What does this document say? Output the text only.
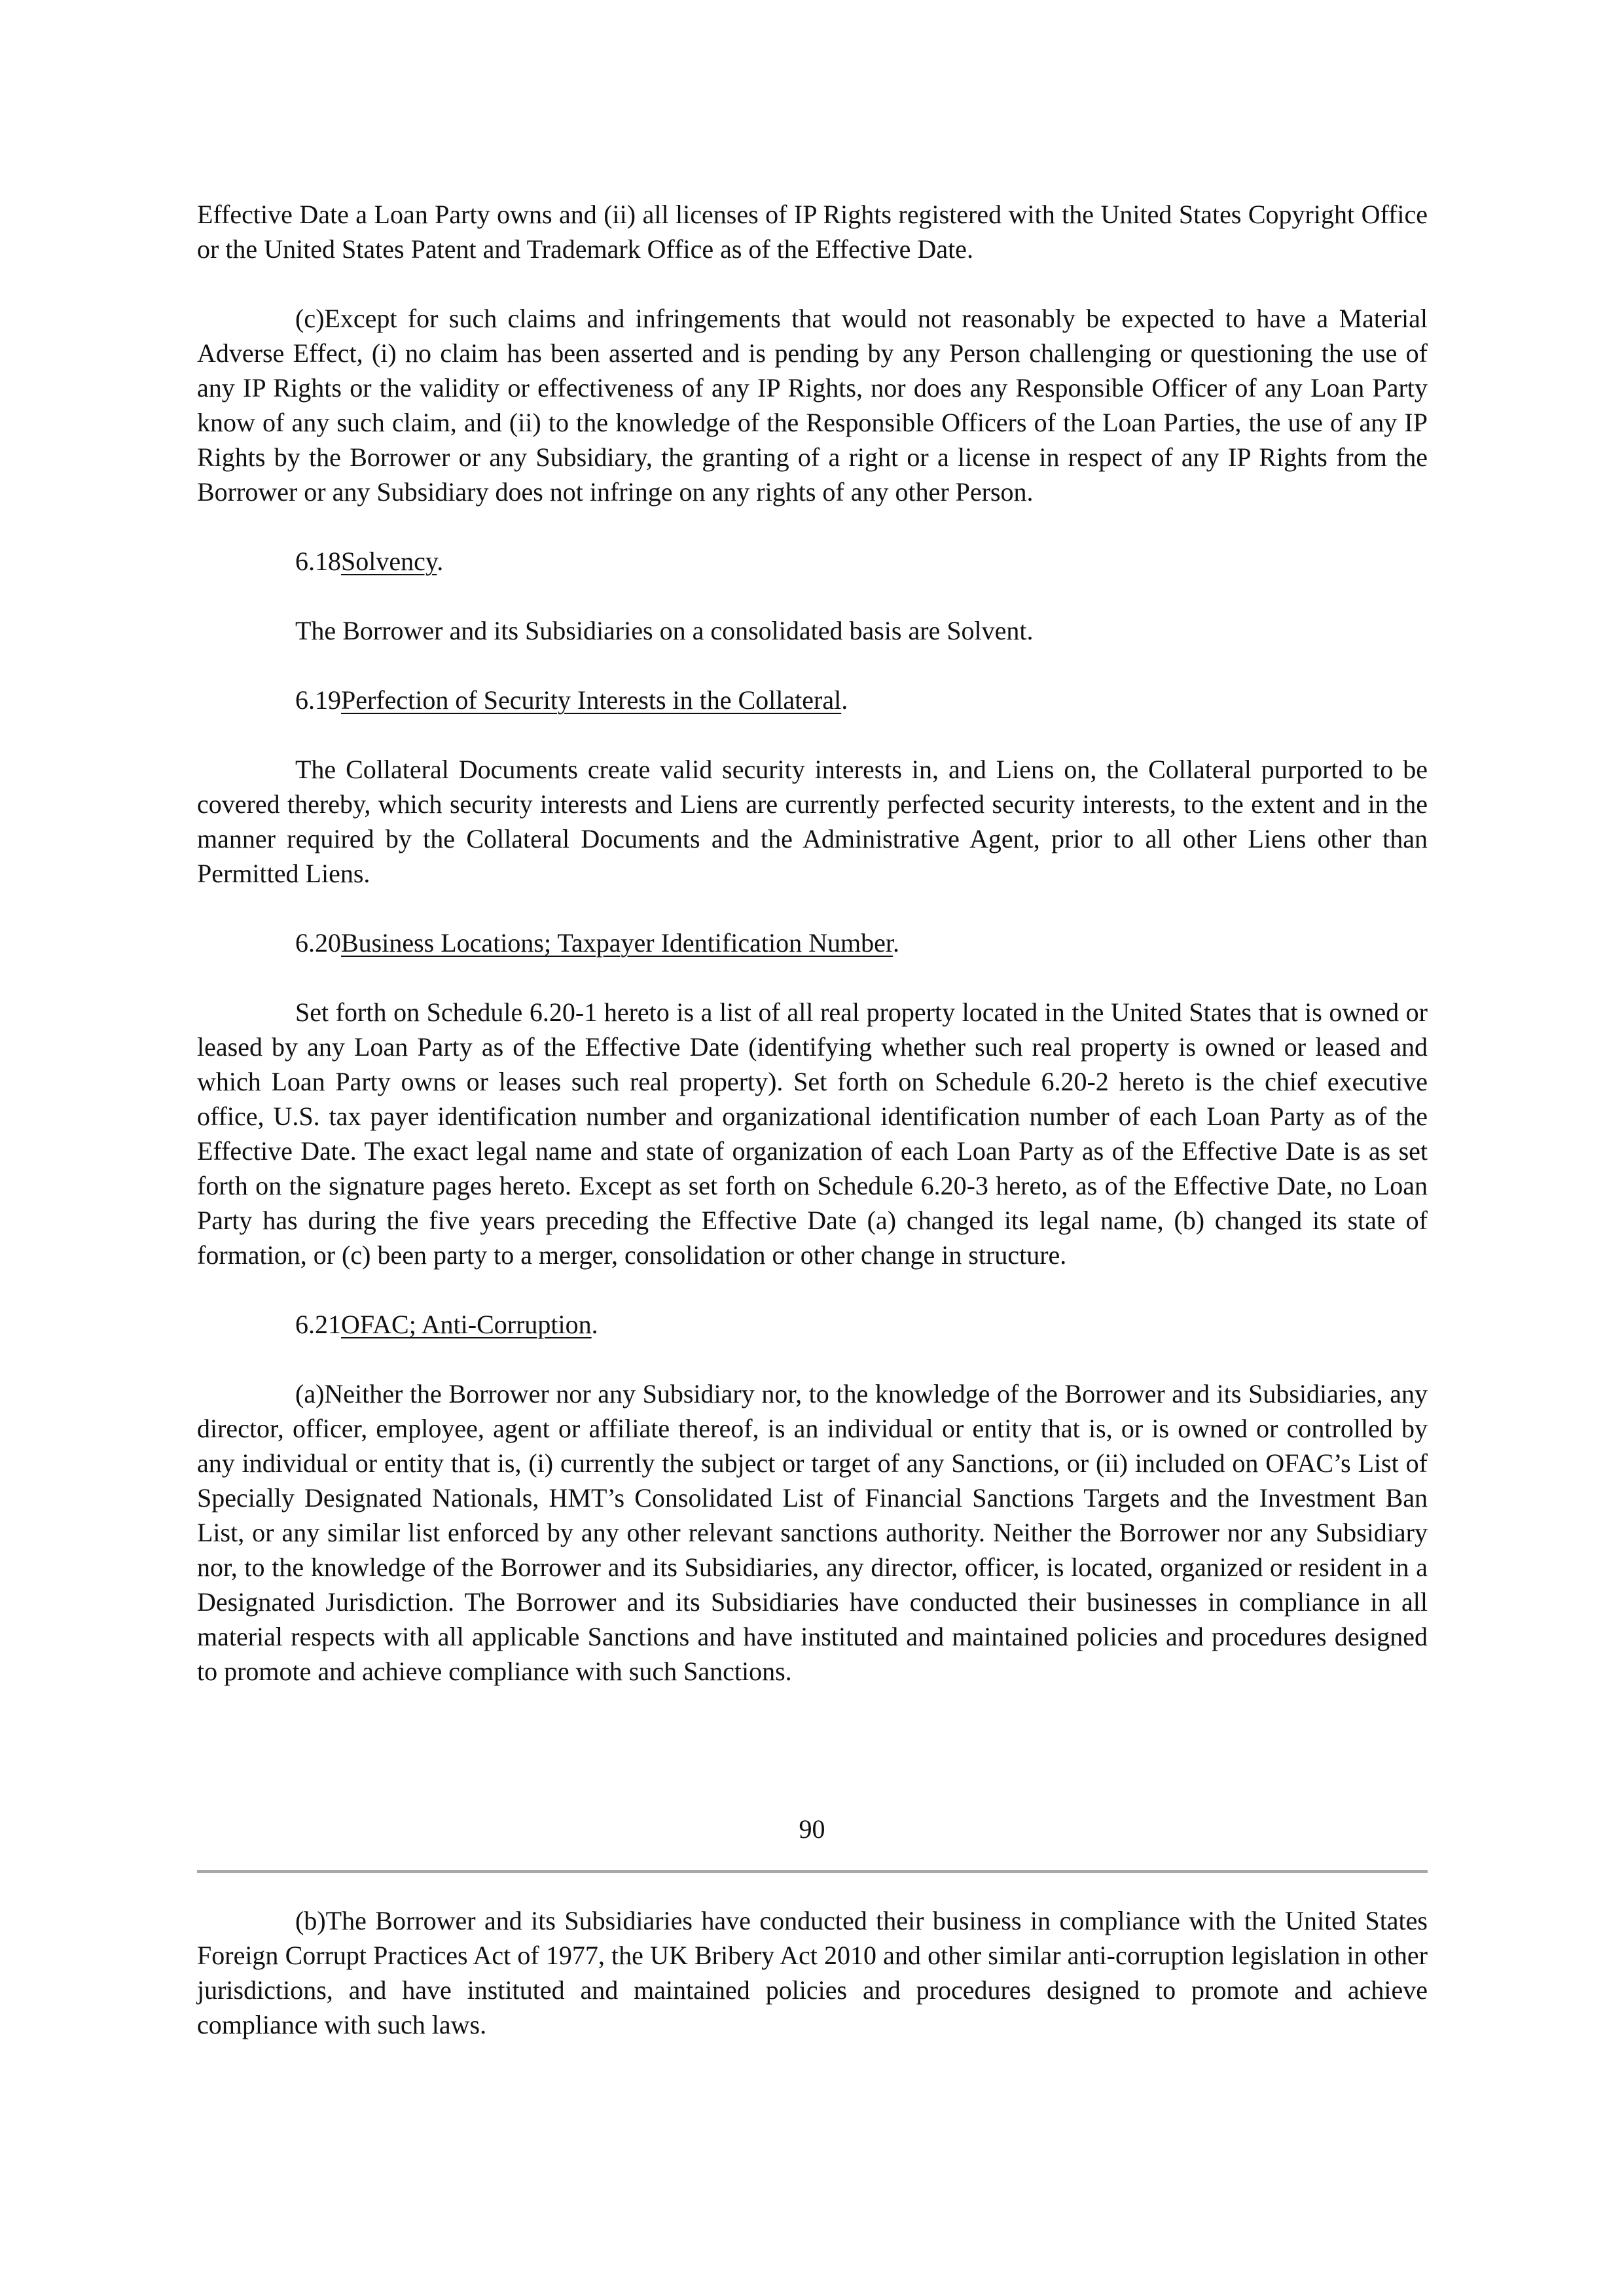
Effective Date a Loan Party owns and (ii) all licenses of IP Rights registered with the United States Copyright Office or the United States Patent and Trademark Office as of the Effective Date.

(c)Except for such claims and infringements that would not reasonably be expected to have a Material Adverse Effect, (i) no claim has been asserted and is pending by any Person challenging or questioning the use of any IP Rights or the validity or effectiveness of any IP Rights, nor does any Responsible Officer of any Loan Party know of any such claim, and (ii) to the knowledge of the Responsible Officers of the Loan Parties, the use of any IP Rights by the Borrower or any Subsidiary, the granting of a right or a license in respect of any IP Rights from the Borrower or any Subsidiary does not infringe on any rights of any other Person.

6.18Solvency.

The Borrower and its Subsidiaries on a consolidated basis are Solvent.

6.19Perfection of Security Interests in the Collateral.

The Collateral Documents create valid security interests in, and Liens on, the Collateral purported to be covered thereby, which security interests and Liens are currently perfected security interests, to the extent and in the manner required by the Collateral Documents and the Administrative Agent, prior to all other Liens other than Permitted Liens.

6.20Business Locations; Taxpayer Identification Number.

Set forth on Schedule 6.20-1 hereto is a list of all real property located in the United States that is owned or leased by any Loan Party as of the Effective Date (identifying whether such real property is owned or leased and which Loan Party owns or leases such real property). Set forth on Schedule 6.20-2 hereto is the chief executive office, U.S. tax payer identification number and organizational identification number of each Loan Party as of the Effective Date. The exact legal name and state of organization of each Loan Party as of the Effective Date is as set forth on the signature pages hereto. Except as set forth on Schedule 6.20-3 hereto, as of the Effective Date, no Loan Party has during the five years preceding the Effective Date (a) changed its legal name, (b) changed its state of formation, or (c) been party to a merger, consolidation or other change in structure.

6.21OFAC; Anti-Corruption.

(a)Neither the Borrower nor any Subsidiary nor, to the knowledge of the Borrower and its Subsidiaries, any director, officer, employee, agent or affiliate thereof, is an individual or entity that is, or is owned or controlled by any individual or entity that is, (i) currently the subject or target of any Sanctions, or (ii) included on OFAC’s List of Specially Designated Nationals, HMT’s Consolidated List of Financial Sanctions Targets and the Investment Ban List, or any similar list enforced by any other relevant sanctions authority. Neither the Borrower nor any Subsidiary nor, to the knowledge of the Borrower and its Subsidiaries, any director, officer, is located, organized or resident in a Designated Jurisdiction. The Borrower and its Subsidiaries have conducted their businesses in compliance in all material respects with all applicable Sanctions and have instituted and maintained policies and procedures designed to promote and achieve compliance with such Sanctions.

90

(b)The Borrower and its Subsidiaries have conducted their business in compliance with the United States Foreign Corrupt Practices Act of 1977, the UK Bribery Act 2010 and other similar anti-corruption legislation in other jurisdictions, and have instituted and maintained policies and procedures designed to promote and achieve compliance with such laws.
